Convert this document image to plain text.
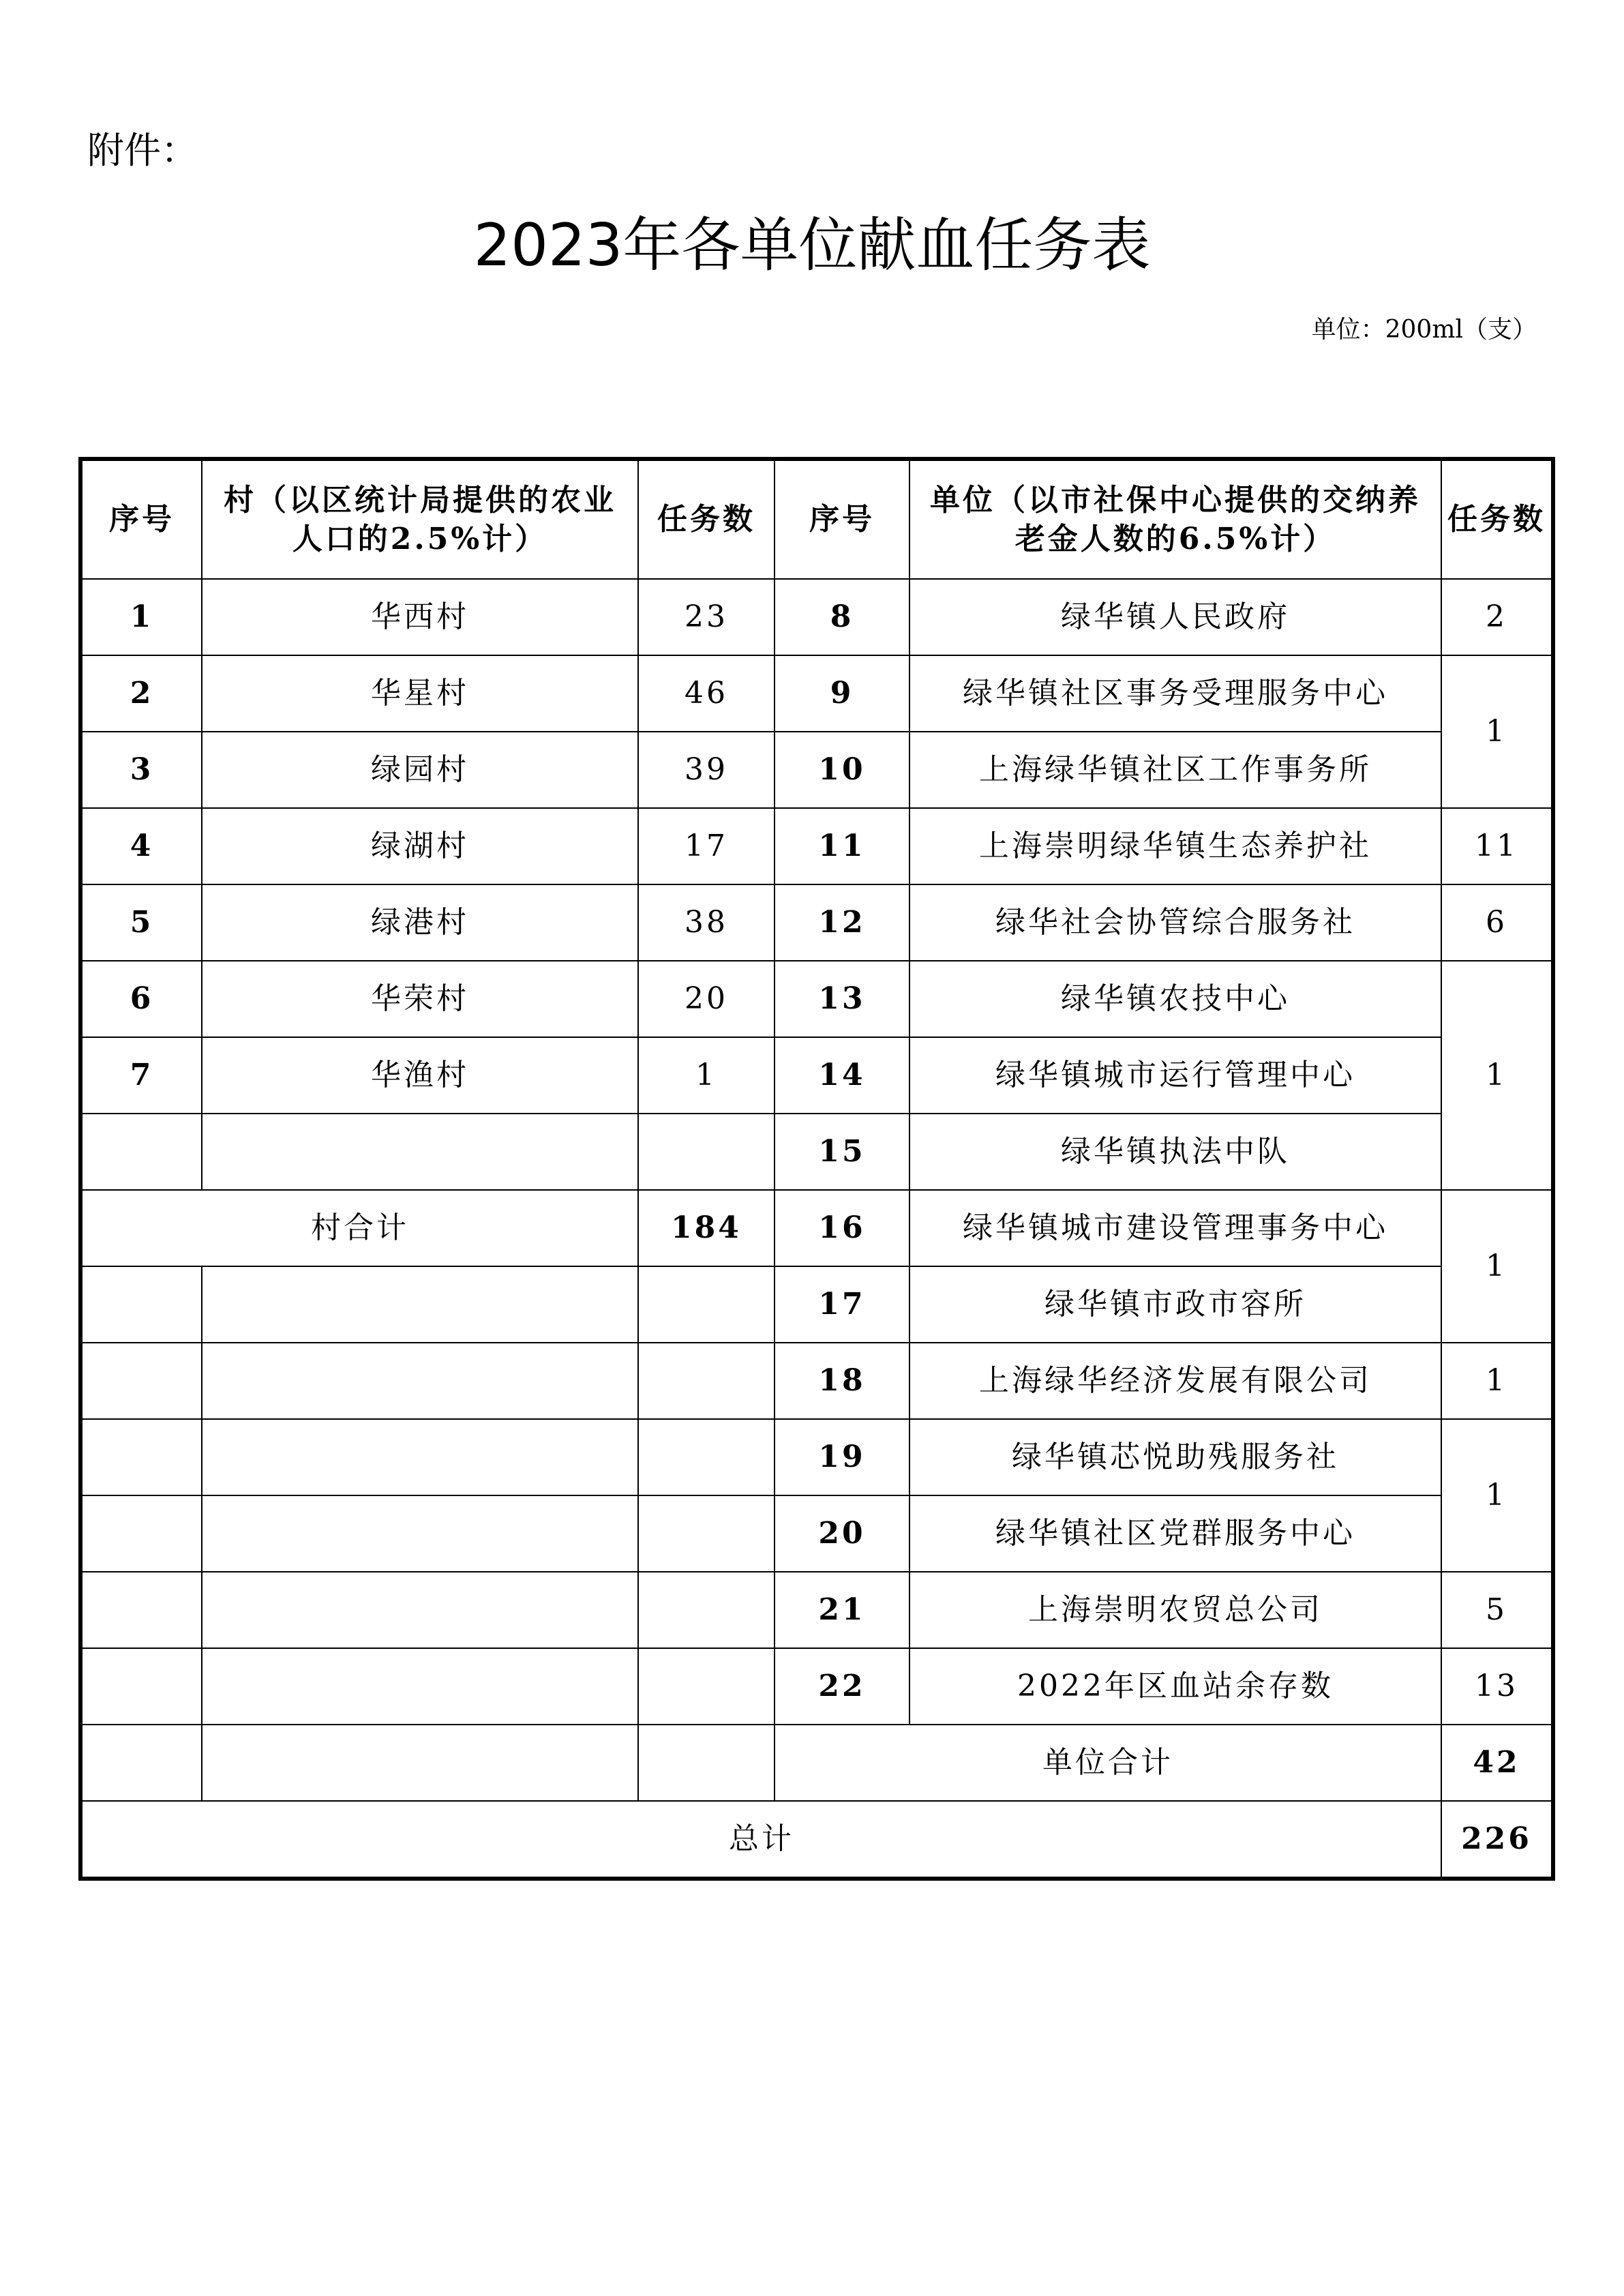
附件：
2023年各单位献血任务表
单位：200ml（支）
序号	村（以区统计局提供的农业人口的2.5%计）	任务数	序号	单位（以市社保中心提供的交纳养老金人数的6.5%计）	任务数
1	华西村	23	8	绿华镇人民政府	2
2	华星村	46	9	绿华镇社区事务受理服务中心	1
3	绿园村	39	10	上海绿华镇社区工作事务所	
4	绿湖村	17	11	上海崇明绿华镇生态养护社	11
5	绿港村	38	12	绿华社会协管综合服务社	6
6	华荣村	20	13	绿华镇农技中心	1
7	华渔村	1	14	绿华镇城市运行管理中心	
			15	绿华镇执法中队	
村合计		184	16	绿华镇城市建设管理事务中心	1
			17	绿华镇市政市容所	
			18	上海绿华经济发展有限公司	1
			19	绿华镇芯悦助残服务社	1
			20	绿华镇社区党群服务中心	
			21	上海崇明农贸总公司	5
			22	2022年区血站余存数	13
			单位合计		42
总计					226
